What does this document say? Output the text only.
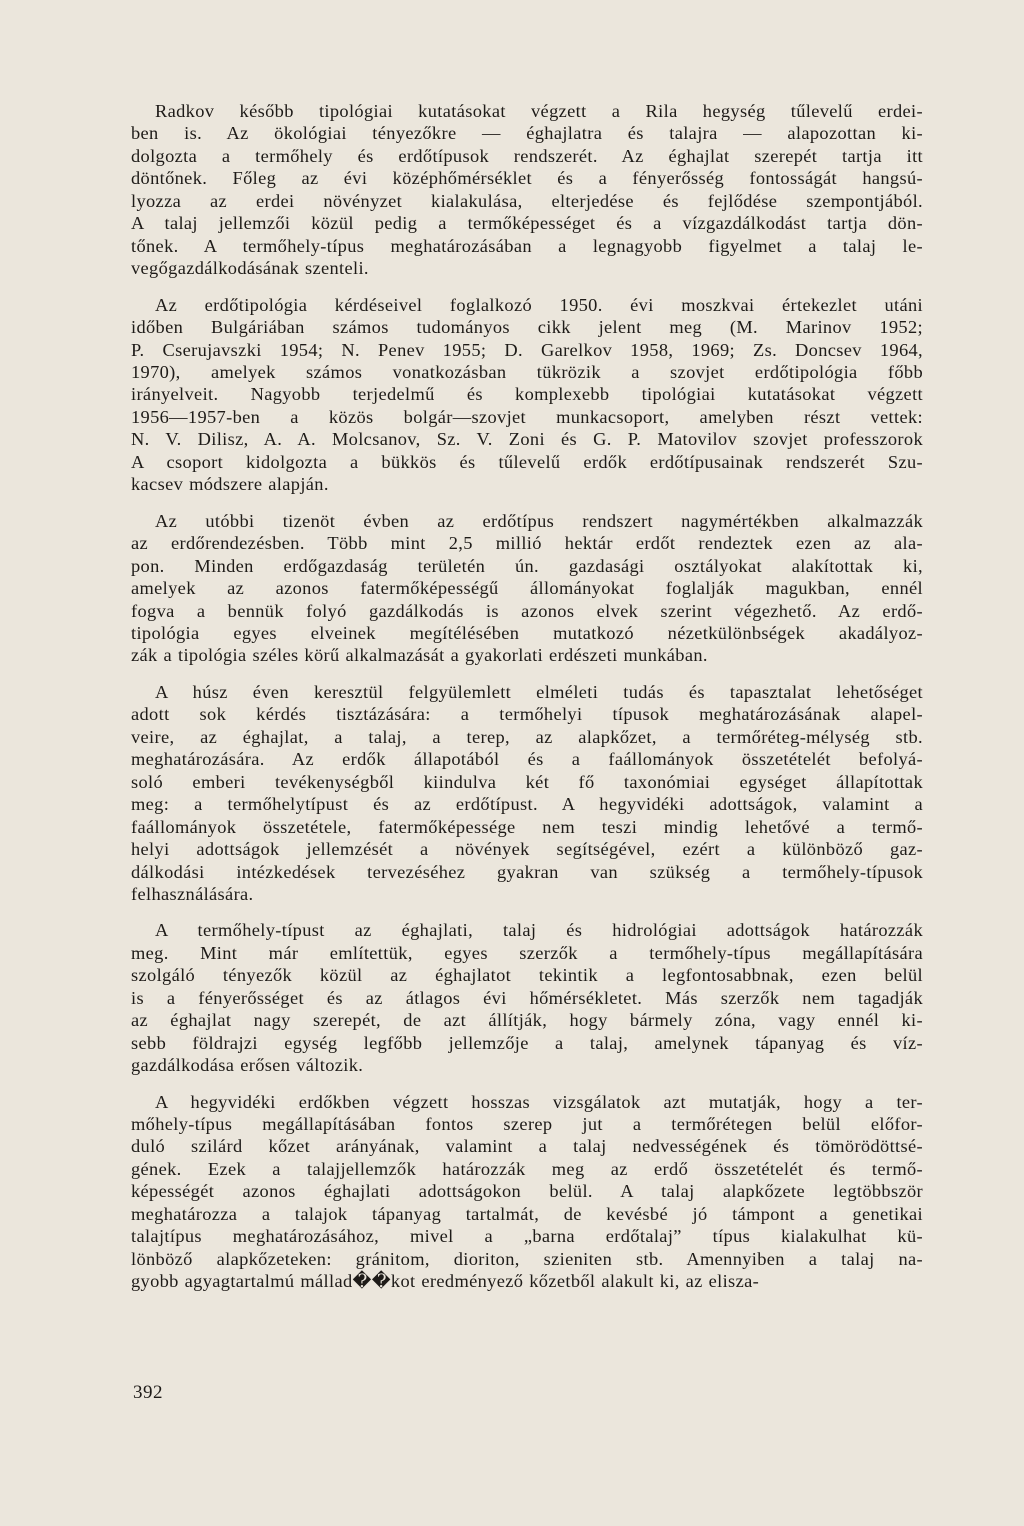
Radkov később tipológiai kutatásokat végzett a Rila hegység tűlevelű erdei-
ben is. Az ökológiai tényezőkre — éghajlatra és talajra — alapozottan ki-
dolgozta a termőhely és erdőtípusok rendszerét. Az éghajlat szerepét tartja itt
döntőnek. Főleg az évi középhőmérséklet és a fényerősség fontosságát hangsú-
lyozza az erdei növényzet kialakulása, elterjedése és fejlődése szempontjából.
A talaj jellemzői közül pedig a termőképességet és a vízgazdálkodást tartja dön-
tőnek. A termőhely-típus meghatározásában a legnagyobb figyelmet a talaj le-
vegőgazdálkodásának szenteli.

Az erdőtipológia kérdéseivel foglalkozó 1950. évi moszkvai értekezlet utáni
időben Bulgáriában számos tudományos cikk jelent meg (M. Marinov 1952;
P. Cserujavszki 1954; N. Penev 1955; D. Garelkov 1958, 1969; Zs. Doncsev 1964,
1970), amelyek számos vonatkozásban tükrözik a szovjet erdőtipológia főbb
irányelveit. Nagyobb terjedelmű és komplexebb tipológiai kutatásokat végzett
1956—1957-ben a közös bolgár—szovjet munkacsoport, amelyben részt vettek:
N. V. Dilisz, A. A. Molcsanov, Sz. V. Zoni és G. P. Matovilov szovjet professzorok
A csoport kidolgozta a bükkös és tűlevelű erdők erdőtípusainak rendszerét Szu-
kacsev módszere alapján.

Az utóbbi tizenöt évben az erdőtípus rendszert nagymértékben alkalmazzák
az erdőrendezésben. Több mint 2,5 millió hektár erdőt rendeztek ezen az ala-
pon. Minden erdőgazdaság területén ún. gazdasági osztályokat alakítottak ki,
amelyek az azonos fatermőképességű állományokat foglalják magukban, ennél
fogva a bennük folyó gazdálkodás is azonos elvek szerint végezhető. Az erdő-
tipológia egyes elveinek megítélésében mutatkozó nézetkülönbségek akadályoz-
zák a tipológia széles körű alkalmazását a gyakorlati erdészeti munkában.

A húsz éven keresztül felgyülemlett elméleti tudás és tapasztalat lehetőséget
adott sok kérdés tisztázására: a termőhelyi típusok meghatározásának alapel-
veire, az éghajlat, a talaj, a terep, az alapkőzet, a termőréteg-mélység stb.
meghatározására. Az erdők állapotából és a faállományok összetételét befolyá-
soló emberi tevékenységből kiindulva két fő taxonómiai egységet állapítottak
meg: a termőhelytípust és az erdőtípust. A hegyvidéki adottságok, valamint a
faállományok összetétele, fatermőképessége nem teszi mindig lehetővé a termő-
helyi adottságok jellemzését a növények segítségével, ezért a különböző gaz-
dálkodási intézkedések tervezéséhez gyakran van szükség a termőhely-típusok
felhasználására.

A termőhely-típust az éghajlati, talaj és hidrológiai adottságok határozzák
meg. Mint már említettük, egyes szerzők a termőhely-típus megállapítására
szolgáló tényezők közül az éghajlatot tekintik a legfontosabbnak, ezen belül
is a fényerősséget és az átlagos évi hőmérsékletet. Más szerzők nem tagadják
az éghajlat nagy szerepét, de azt állítják, hogy bármely zóna, vagy ennél ki-
sebb földrajzi egység legfőbb jellemzője a talaj, amelynek tápanyag és víz-
gazdálkodása erősen változik.

A hegyvidéki erdőkben végzett hosszas vizsgálatok azt mutatják, hogy a ter-
mőhely-típus megállapításában fontos szerep jut a termőrétegen belül előfor-
duló szilárd kőzet arányának, valamint a talaj nedvességének és tömörödöttsé-
gének. Ezek a talajjellemzők határozzák meg az erdő összetételét és termő-
képességét azonos éghajlati adottságokon belül. A talaj alapkőzete legtöbbször
meghatározza a talajok tápanyag tartalmát, de kevésbé jó támpont a genetikai
talajtípus meghatározásához, mivel a „barna erdőtalaj” típus kialakulhat kü-
lönböző alapkőzeteken: gránitom, dioriton, szieniten stb. Amennyiben a talaj na-
gyobb agyagtartalmú mállad��kot eredményező kőzetből alakult ki, az elisza-

392
